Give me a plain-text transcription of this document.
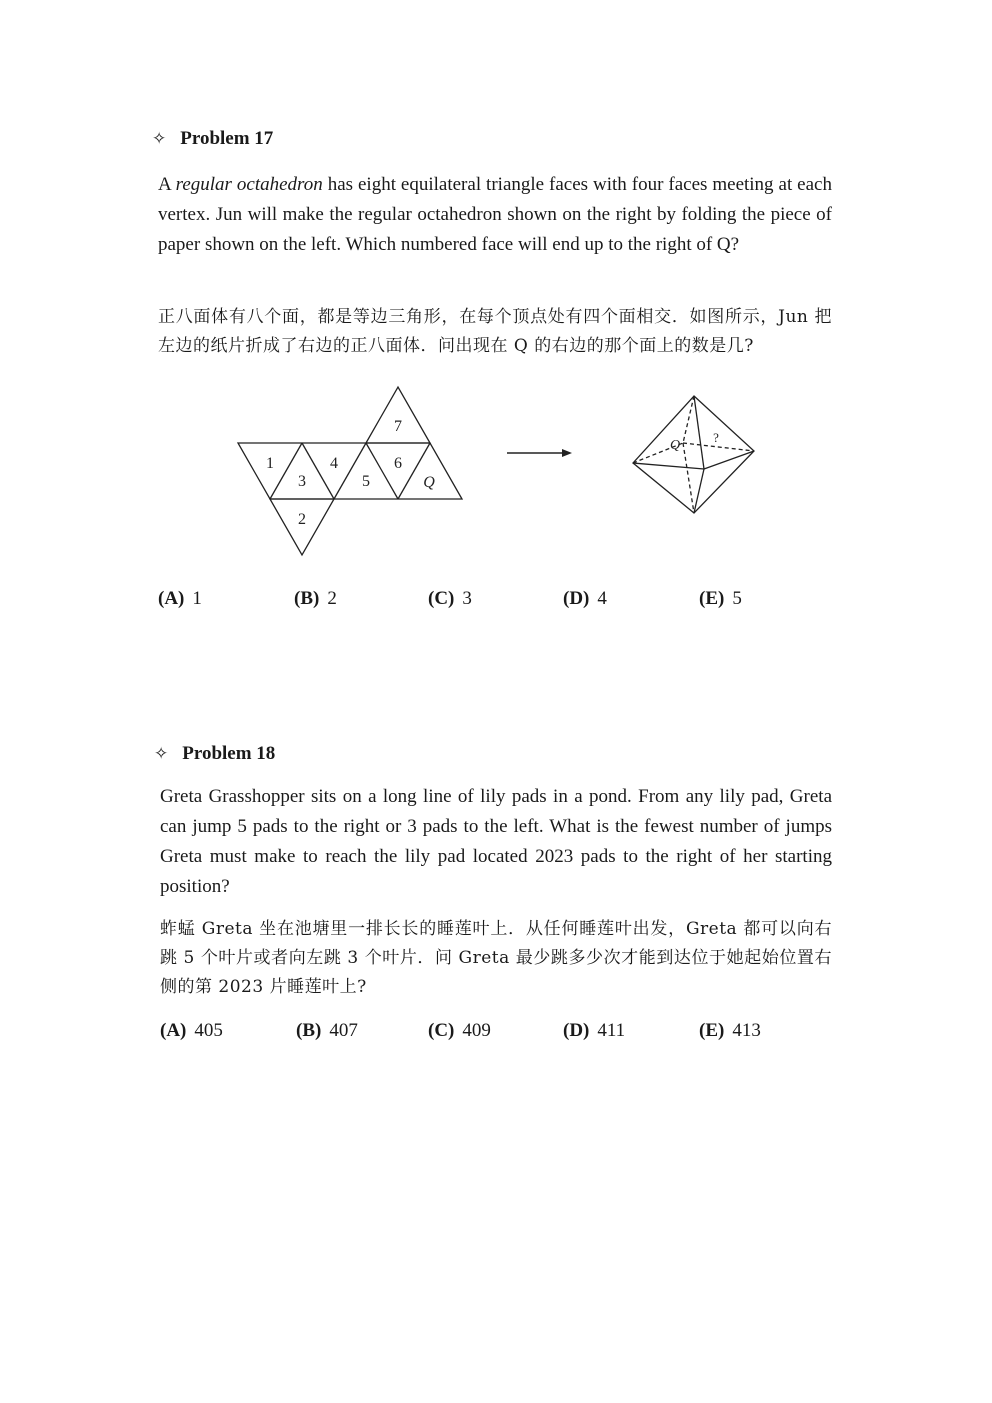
✧ Problem 17

A regular octahedron has eight equilateral triangle faces with four faces meeting at each vertex. Jun will make the regular octahedron shown on the right by folding the piece of paper shown on the left. Which numbered face will end up to the right of Q?

正八面体有八个面，都是等边三角形，在每个顶点处有四个面相交．如图所示，Jun 把左边的纸片折成了右边的正八面体．问出现在 Q 的右边的那个面上的数是几?

1
2
3
4
5
6
7
Q
Q
?
(A) 1	(B) 2	(C) 3	(D) 4	(E) 5
✧ Problem 18

Greta Grasshopper sits on a long line of lily pads in a pond. From any lily pad, Greta can jump 5 pads to the right or 3 pads to the left. What is the fewest number of jumps Greta must make to reach the lily pad located 2023 pads to the right of her starting position?

蚱蜢 Greta 坐在池塘里一排长长的睡莲叶上．从任何睡莲叶出发，Greta 都可以向右跳 5 个叶片或者向左跳 3 个叶片．问 Greta 最少跳多少次才能到达位于她起始位置右侧的第 2023 片睡莲叶上?

(A) 405	(B) 407	(C) 409	(D) 411	(E) 413
